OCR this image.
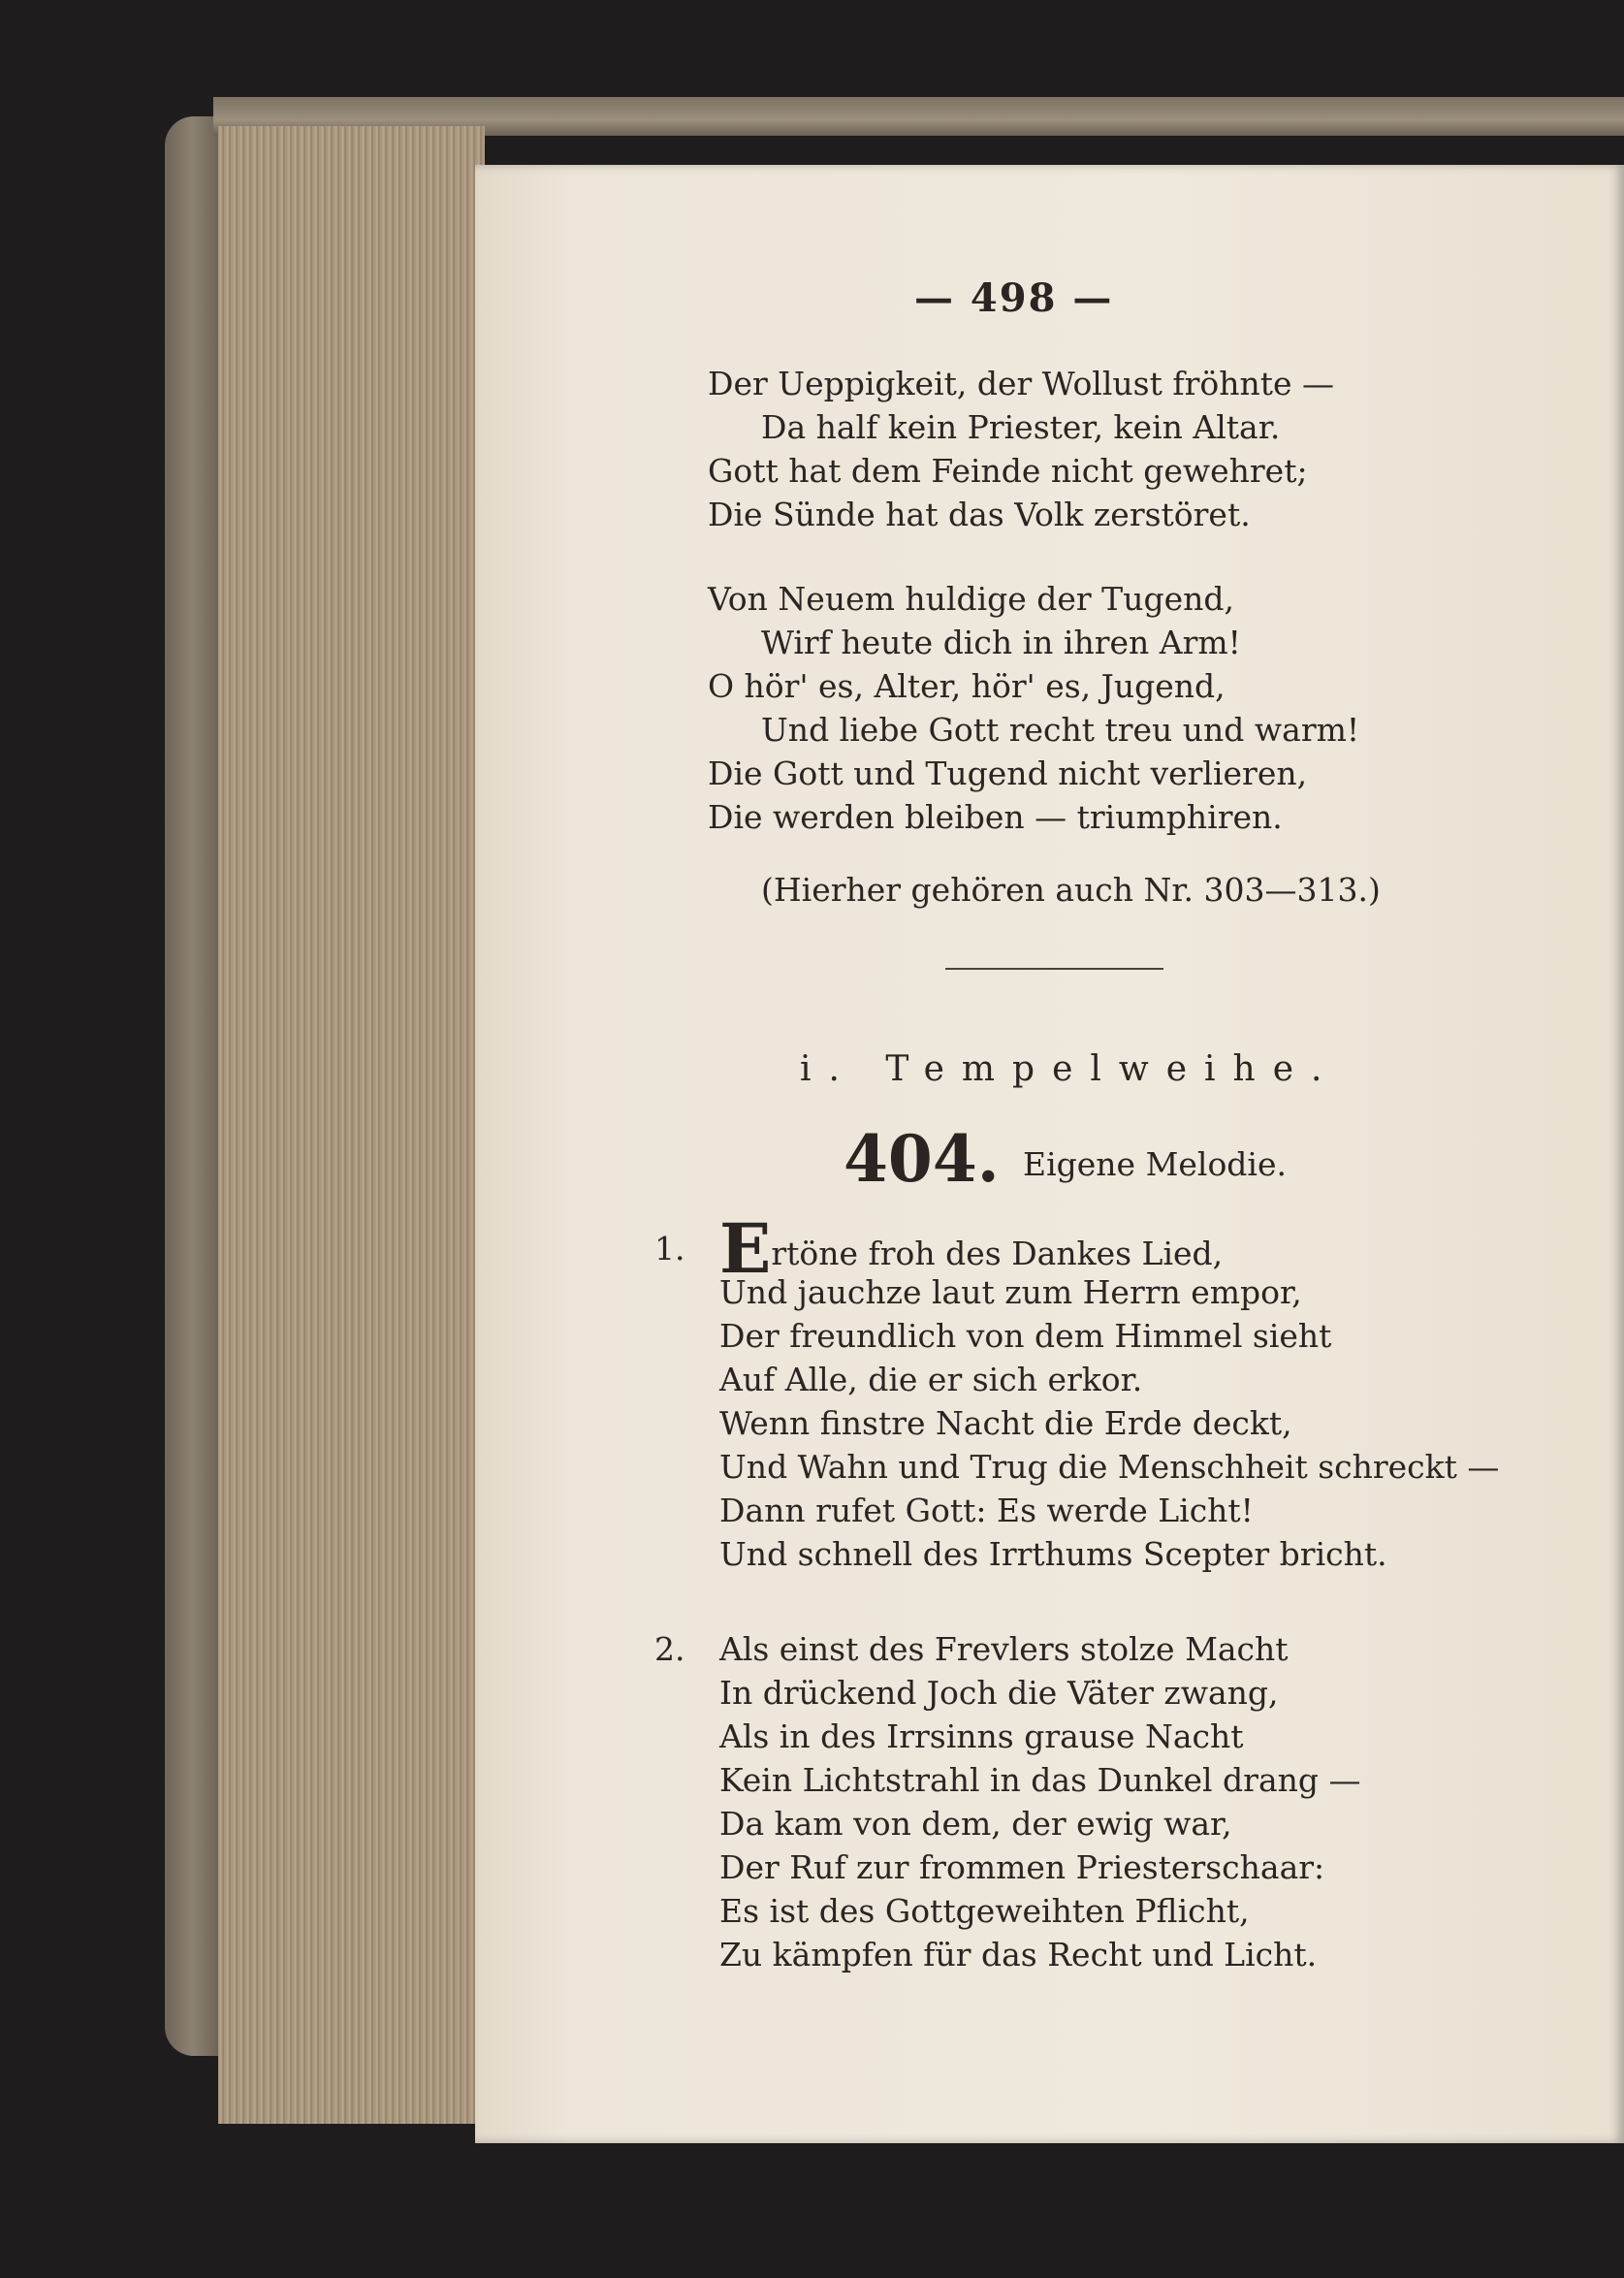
— 498 —
Der Ueppigkeit, der Wollust fröhnte —
Da half kein Priester, kein Altar.
Gott hat dem Feinde nicht gewehret;
Die Sünde hat das Volk zerstöret.
Von Neuem huldige der Tugend,
Wirf heute dich in ihren Arm!
O hör' es, Alter, hör' es, Jugend,
Und liebe Gott recht treu und warm!
Die Gott und Tugend nicht verlieren,
Die werden bleiben — triumphiren.
(Hierher gehören auch Nr. 303—313.)
i. Tempelweihe.
404. Eigene Melodie.
1. Ertöne froh des Dankes Lied,
Und jauchze laut zum Herrn empor,
Der freundlich von dem Himmel sieht
Auf Alle, die er sich erkor.
Wenn finstre Nacht die Erde deckt,
Und Wahn und Trug die Menschheit schreckt —
Dann rufet Gott: Es werde Licht!
Und schnell des Irrthums Scepter bricht.
2. Als einst des Frevlers stolze Macht
In drückend Joch die Väter zwang,
Als in des Irrsinns grause Nacht
Kein Lichtstrahl in das Dunkel drang —
Da kam von dem, der ewig war,
Der Ruf zur frommen Priesterschaar:
Es ist des Gottgeweihten Pflicht,
Zu kämpfen für das Recht und Licht.
